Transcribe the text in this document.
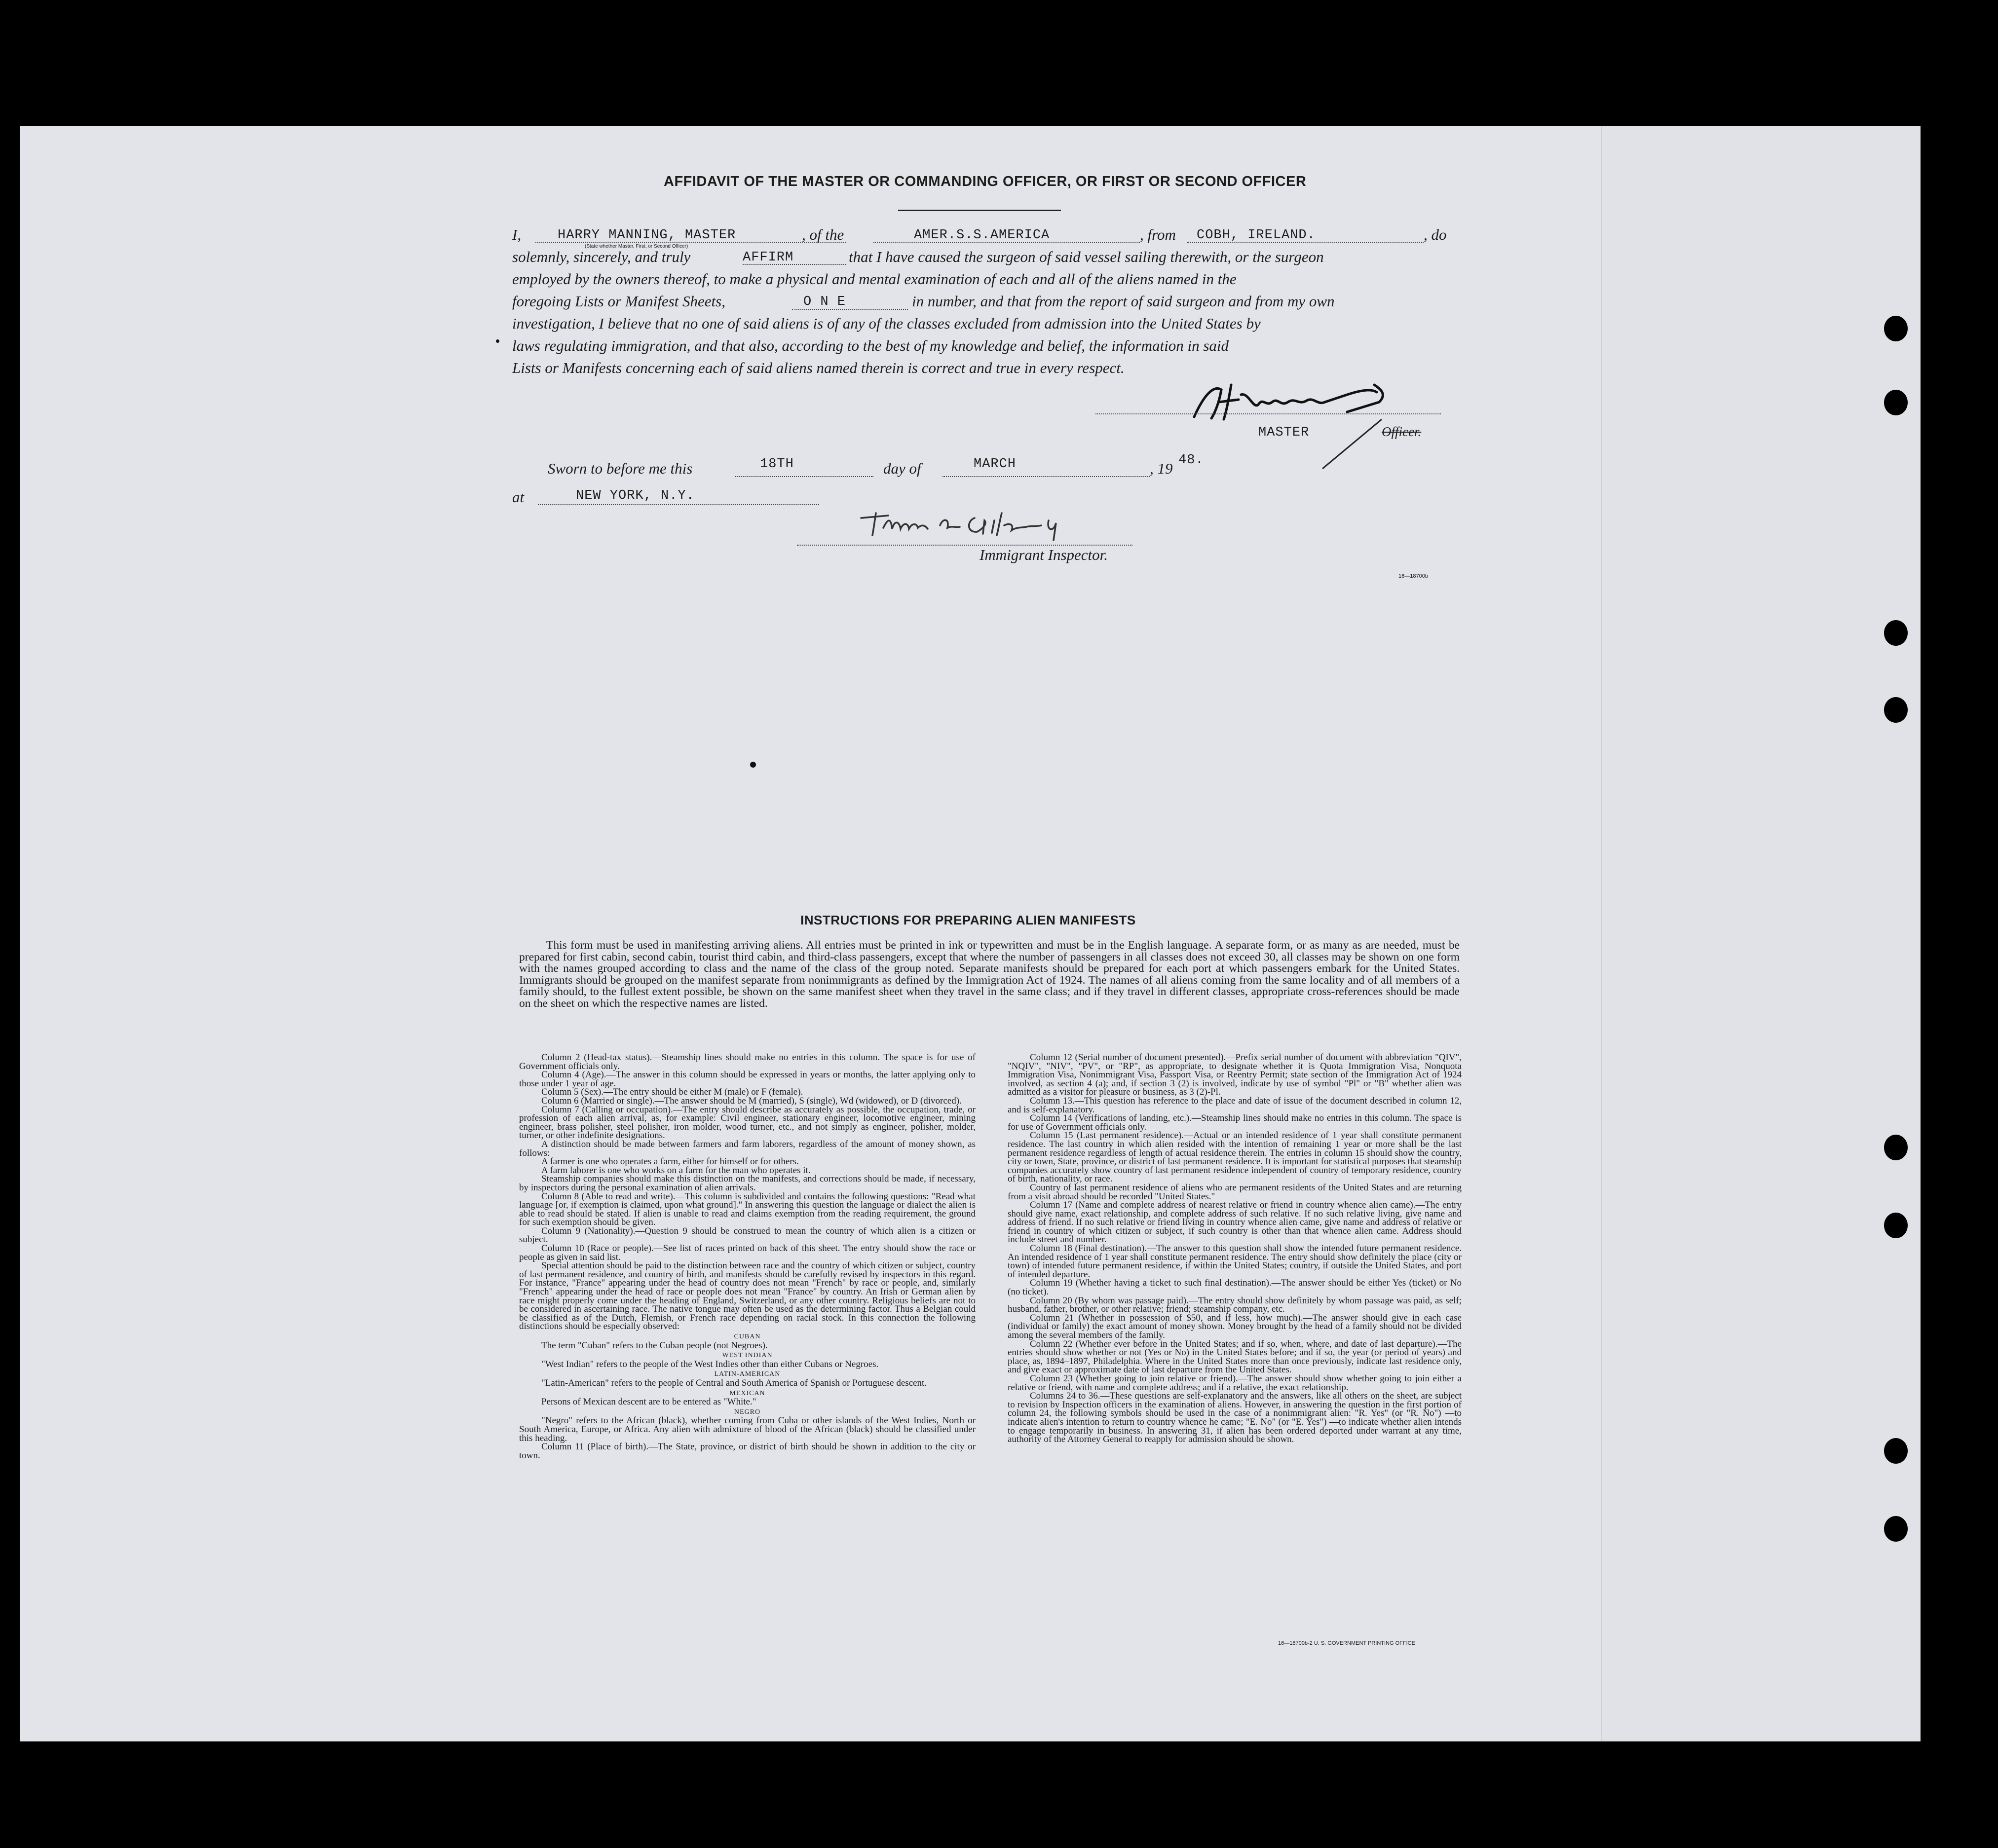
AFFIDAVIT OF THE MASTER OR COMMANDING OFFICER, OR FIRST OR SECOND OFFICER
I,	HARRY MANNING, MASTER	, of the	AMER.S.S.AMERICA	, from COBH, IRELAND.	, do
(State whether Master, First, or Second Officer)
solemnly, sincerely, and truly	AFFIRM	that I have caused the surgeon of said vessel sailing therewith, or the surgeon
employed by the owners thereof, to make a physical and mental examination of each and all of the aliens named in the
foregoing Lists or Manifest Sheets,	O N E	in number, and that from the report of said surgeon and from my own
investigation, I believe that no one of said aliens is of any of the classes excluded from admission into the United States by
laws regulating immigration, and that also, according to the best of my knowledge and belief, the information in said
Lists or Manifests concerning each of said aliens named therein is correct and true in every respect.
MASTER	Officer.
Sworn to before me this	18TH	day of	MARCH	, 19 48.
at	NEW YORK, N.Y.
Immigrant Inspector.
16—18700b
INSTRUCTIONS FOR PREPARING ALIEN MANIFESTS
This form must be used in manifesting arriving aliens. All entries must be printed in ink or typewritten and must be in the English language. A separate form, or as many as are needed, must be prepared for first cabin, second cabin, tourist third cabin, and third-class passengers, except that where the number of passengers in all classes does not exceed 30, all classes may be shown on one form with the names grouped according to class and the name of the class of the group noted. Separate manifests should be prepared for each port at which passengers embark for the United States. Immigrants should be grouped on the manifest separate from nonimmigrants as defined by the Immigration Act of 1924. The names of all aliens coming from the same locality and of all members of a family should, to the fullest extent possible, be shown on the same manifest sheet when they travel in the same class; and if they travel in different classes, appropriate cross-references should be made on the sheet on which the respective names are listed.

Column 2 (Head-tax status).—Steamship lines should make no entries in this column. The space is for use of Government officials only.

Column 4 (Age).—The answer in this column should be expressed in years or months, the latter applying only to those under 1 year of age.

Column 5 (Sex).—The entry should be either M (male) or F (female).

Column 6 (Married or single).—The answer should be M (married), S (single), Wd (widowed), or D (divorced).

Column 7 (Calling or occupation).—The entry should describe as accurately as possible, the occupation, trade, or profession of each alien arrival, as, for example: Civil engineer, stationary engineer, locomotive engineer, mining engineer, brass polisher, steel polisher, iron molder, wood turner, etc., and not simply as engineer, polisher, molder, turner, or other indefinite designations.

A distinction should be made between farmers and farm laborers, regardless of the amount of money shown, as follows:

A farmer is one who operates a farm, either for himself or for others.

A farm laborer is one who works on a farm for the man who operates it.

Steamship companies should make this distinction on the manifests, and corrections should be made, if necessary, by inspectors during the personal examination of alien arrivals.

Column 8 (Able to read and write).—This column is subdivided and contains the following questions: "Read what language [or, if exemption is claimed, upon what ground]." In answering this question the language or dialect the alien is able to read should be stated. If alien is unable to read and claims exemption from the reading requirement, the ground for such exemption should be given.

Column 9 (Nationality).—Question 9 should be construed to mean the country of which alien is a citizen or subject.

Column 10 (Race or people).—See list of races printed on back of this sheet. The entry should show the race or people as given in said list.

Special attention should be paid to the distinction between race and the country of which citizen or subject, country of last permanent residence, and country of birth, and manifests should be carefully revised by inspectors in this regard. For instance, "France" appearing under the head of country does not mean "French" by race or people, and, similarly "French" appearing under the head of race or people does not mean "France" by country. An Irish or German alien by race might properly come under the heading of England, Switzerland, or any other country. Religious beliefs are not to be considered in ascertaining race. The native tongue may often be used as the determining factor. Thus a Belgian could be classified as of the Dutch, Flemish, or French race depending on racial stock. In this connection the following distinctions should be especially observed:

CUBAN

The term "Cuban" refers to the Cuban people (not Negroes).

WEST INDIAN

"West Indian" refers to the people of the West Indies other than either Cubans or Negroes.

LATIN-AMERICAN

"Latin-American" refers to the people of Central and South America of Spanish or Portuguese descent.

MEXICAN

Persons of Mexican descent are to be entered as "White."

NEGRO

"Negro" refers to the African (black), whether coming from Cuba or other islands of the West Indies, North or South America, Europe, or Africa. Any alien with admixture of blood of the African (black) should be classified under this heading.

Column 11 (Place of birth).—The State, province, or district of birth should be shown in addition to the city or town.

Column 12 (Serial number of document presented).—Prefix serial number of document with abbreviation "QIV", "NQIV", "NIV", "PV", or "RP", as appropriate, to designate whether it is Quota Immigration Visa, Nonquota Immigration Visa, Nonimmigrant Visa, Passport Visa, or Reentry Permit; state section of the Immigration Act of 1924 involved, as section 4 (a); and, if section 3 (2) is involved, indicate by use of symbol "Pl" or "B" whether alien was admitted as a visitor for pleasure or business, as 3 (2)-Pl.

Column 13.—This question has reference to the place and date of issue of the document described in column 12, and is self-explanatory.

Column 14 (Verifications of landing, etc.).—Steamship lines should make no entries in this column. The space is for use of Government officials only.

Column 15 (Last permanent residence).—Actual or an intended residence of 1 year shall constitute permanent residence. The last country in which alien resided with the intention of remaining 1 year or more shall be the last permanent residence regardless of length of actual residence therein. The entries in column 15 should show the country, city or town, State, province, or district of last permanent residence. It is important for statistical purposes that steamship companies accurately show country of last permanent residence independent of country of temporary residence, country of birth, nationality, or race.

Country of last permanent residence of aliens who are permanent residents of the United States and are returning from a visit abroad should be recorded "United States."

Column 17 (Name and complete address of nearest relative or friend in country whence alien came).—The entry should give name, exact relationship, and complete address of such relative. If no such relative living, give name and address of friend. If no such relative or friend living in country whence alien came, give name and address of relative or friend in country of which citizen or subject, if such country is other than that whence alien came. Address should include street and number.

Column 18 (Final destination).—The answer to this question shall show the intended future permanent residence. An intended residence of 1 year shall constitute permanent residence. The entry should show definitely the place (city or town) of intended future permanent residence, if within the United States; country, if outside the United States, and port of intended departure.

Column 19 (Whether having a ticket to such final destination).—The answer should be either Yes (ticket) or No (no ticket).

Column 20 (By whom was passage paid).—The entry should show definitely by whom passage was paid, as self; husband, father, brother, or other relative; friend; steamship company, etc.

Column 21 (Whether in possession of $50, and if less, how much).—The answer should give in each case (individual or family) the exact amount of money shown. Money brought by the head of a family should not be divided among the several members of the family.

Column 22 (Whether ever before in the United States; and if so, when, where, and date of last departure).—The entries should show whether or not (Yes or No) in the United States before; and if so, the year (or period of years) and place, as, 1894–1897, Philadelphia. Where in the United States more than once previously, indicate last residence only, and give exact or approximate date of last departure from the United States.

Column 23 (Whether going to join relative or friend).—The answer should show whether going to join either a relative or friend, with name and complete address; and if a relative, the exact relationship.

Columns 24 to 36.—These questions are self-explanatory and the answers, like all others on the sheet, are subject to revision by Inspection officers in the examination of aliens. However, in answering the question in the first portion of column 24, the following symbols should be used in the case of a nonimmigrant alien: "R. Yes" (or "R. No") —to indicate alien's intention to return to country whence he came; "E. No" (or "E. Yes") —to indicate whether alien intends to engage temporarily in business. In answering 31, if alien has been ordered deported under warrant at any time, authority of the Attorney General to reapply for admission should be shown.

16—18700b-2 U. S. GOVERNMENT PRINTING OFFICE
